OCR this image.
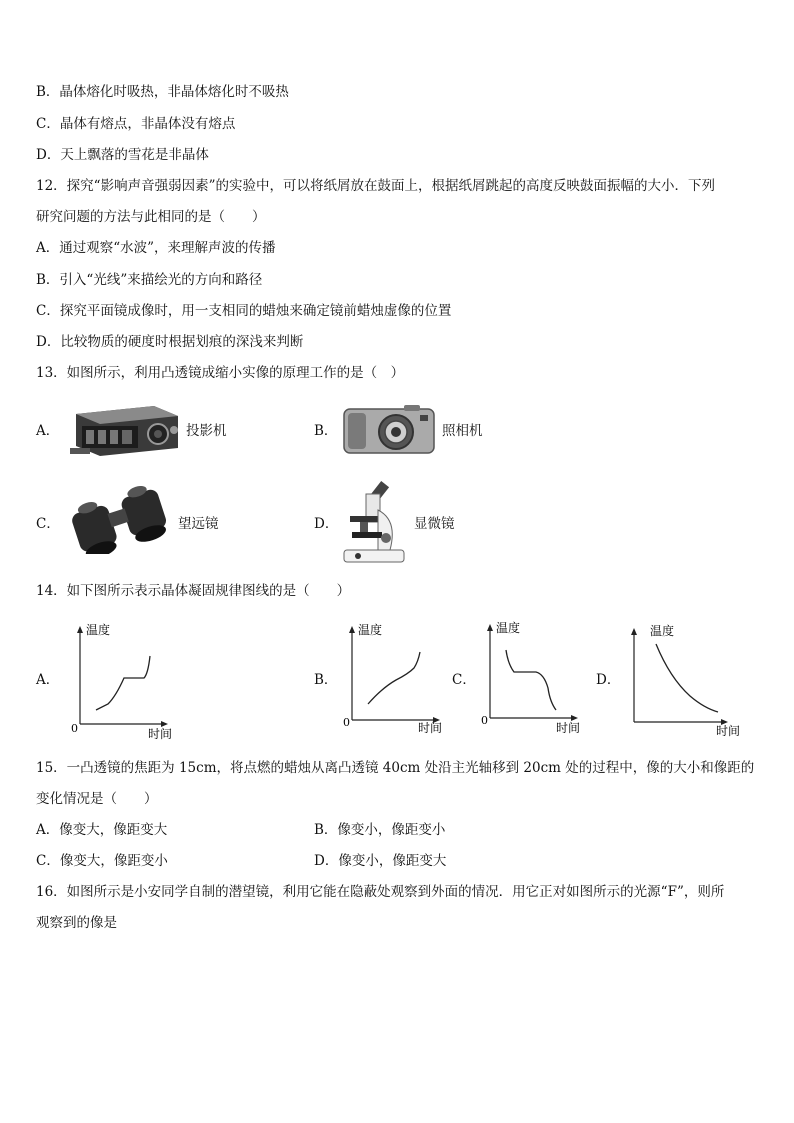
B．晶体熔化时吸热，非晶体熔化时不吸热
C．晶体有熔点，非晶体没有熔点
D．天上飘落的雪花是非晶体
12．探究“影响声音强弱因素”的实验中，可以将纸屑放在鼓面上，根据纸屑跳起的高度反映鼓面振幅的大小．下列
研究问题的方法与此相同的是（　　）
A．通过观察“水波”，来理解声波的传播
B．引入“光线”来描绘光的方向和路径
C．探究平面镜成像时，用一支相同的蜡烛来确定镜前蜡烛虚像的位置
D．比较物质的硬度时根据划痕的深浅来判断
13．如图所示，利用凸透镜成缩小实像的原理工作的是（　）
A．	投影机	B．	照相机
C．	望远镜	D．	显微镜
14．如下图所示表示晶体凝固规律图线的是（　　）
A．
温度
0	时间
B．
温度
0	时间
C．
温度
0
时间
D．
温度
时间
15．一凸透镜的焦距为 15cm，将点燃的蜡烛从离凸透镜 40cm 处沿主光轴移到 20cm 处的过程中，像的大小和像距的
变化情况是（　　）
A．像变大，像距变大	B．像变小，像距变小
C．像变大，像距变小	D．像变小，像距变大
16．如图所示是小安同学自制的潜望镜，利用它能在隐蔽处观察到外面的情况．用它正对如图所示的光源“F”，则所
观察到的像是
